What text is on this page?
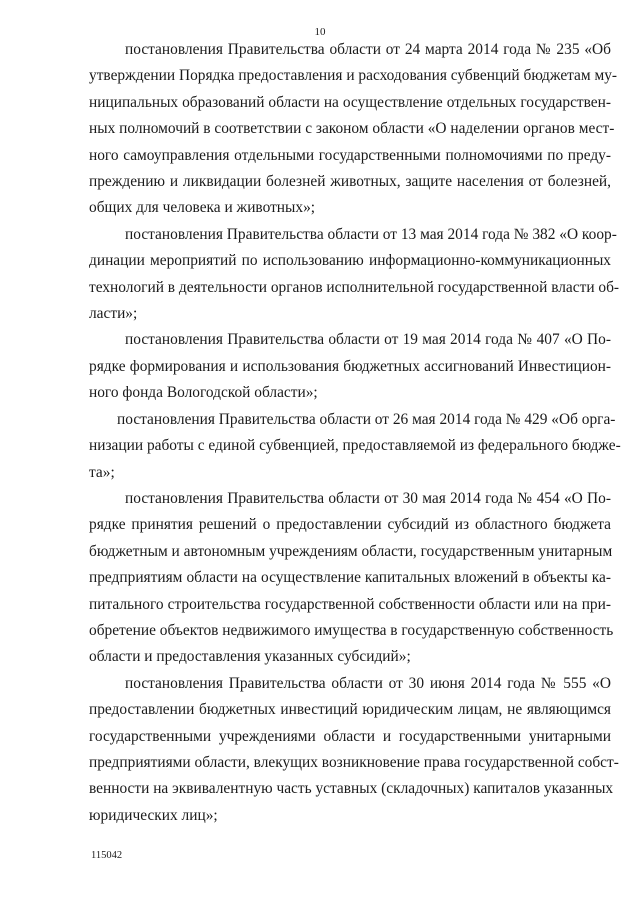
10
постановления Правительства области от 24 марта 2014 года № 235 «Об
утверждении Порядка предоставления и расходования субвенций бюджетам му-
ниципальных образований области на осуществление отдельных государствен-
ных полномочий в соответствии с законом области «О наделении органов мест-
ного самоуправления отдельными государственными полномочиями по преду-
преждению и ликвидации болезней животных, защите населения от болезней,
общих для человека и животных»;
постановления Правительства области от 13 мая 2014 года № 382 «О коор-
динации мероприятий по использованию информационно-коммуникационных
технологий в деятельности органов исполнительной государственной власти об-
ласти»;
постановления Правительства области от 19 мая 2014 года № 407 «О По-
рядке формирования и использования бюджетных ассигнований Инвестицион-
ного фонда Вологодской области»;
постановления Правительства области от 26 мая 2014 года № 429 «Об орга-
низации работы с единой субвенцией, предоставляемой из федерального бюдже-
та»;
постановления Правительства области от 30 мая 2014 года № 454 «О По-
рядке принятия решений о предоставлении субсидий из областного бюджета
бюджетным и автономным учреждениям области, государственным унитарным
предприятиям области на осуществление капитальных вложений в объекты ка-
питального строительства государственной собственности области или на при-
обретение объектов недвижимого имущества в государственную собственность
области и предоставления указанных субсидий»;
постановления Правительства области от 30 июня 2014 года № 555 «О
предоставлении бюджетных инвестиций юридическим лицам, не являющимся
государственными учреждениями области и государственными унитарными
предприятиями области, влекущих возникновение права государственной собст-
венности на эквивалентную часть уставных (складочных) капиталов указанных
юридических лиц»;
115042
